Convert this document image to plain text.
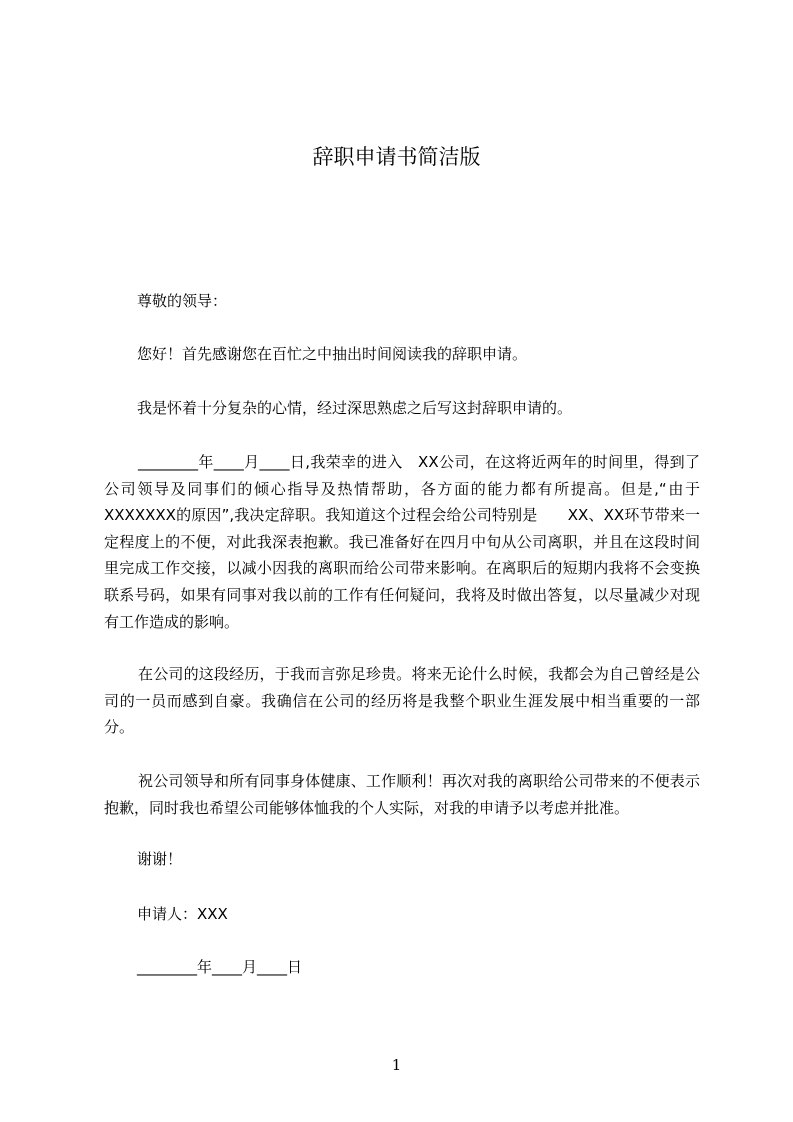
辞职申请书简洁版
尊敬的领导：
您好！首先感谢您在百忙之中抽出时间阅读我的辞职申请。
我是怀着十分复杂的心情，经过深思熟虑之后写这封辞职申请的。
________年____月____日,我荣幸的进入　XX公司，在这将近两年的时间里，得到了公司领导及同事们的倾心指导及热情帮助，各方面的能力都有所提高。但是,“由于XXXXXXX的原因”,我决定辞职。我知道这个过程会给公司特别是　　XX、XX环节带来一定程度上的不便，对此我深表抱歉。我已准备好在四月中旬从公司离职，并且在这段时间里完成工作交接，以减小因我的离职而给公司带来影响。在离职后的短期内我将不会变换联系号码，如果有同事对我以前的工作有任何疑问，我将及时做出答复，以尽量减少对现有工作造成的影响。
在公司的这段经历，于我而言弥足珍贵。将来无论什么时候，我都会为自己曾经是公司的一员而感到自豪。我确信在公司的经历将是我整个职业生涯发展中相当重要的一部分。
祝公司领导和所有同事身体健康、工作顺利！再次对我的离职给公司带来的不便表示抱歉，同时我也希望公司能够体恤我的个人实际，对我的申请予以考虑并批准。
谢谢！
申请人：XXX
________年____月____日
1
